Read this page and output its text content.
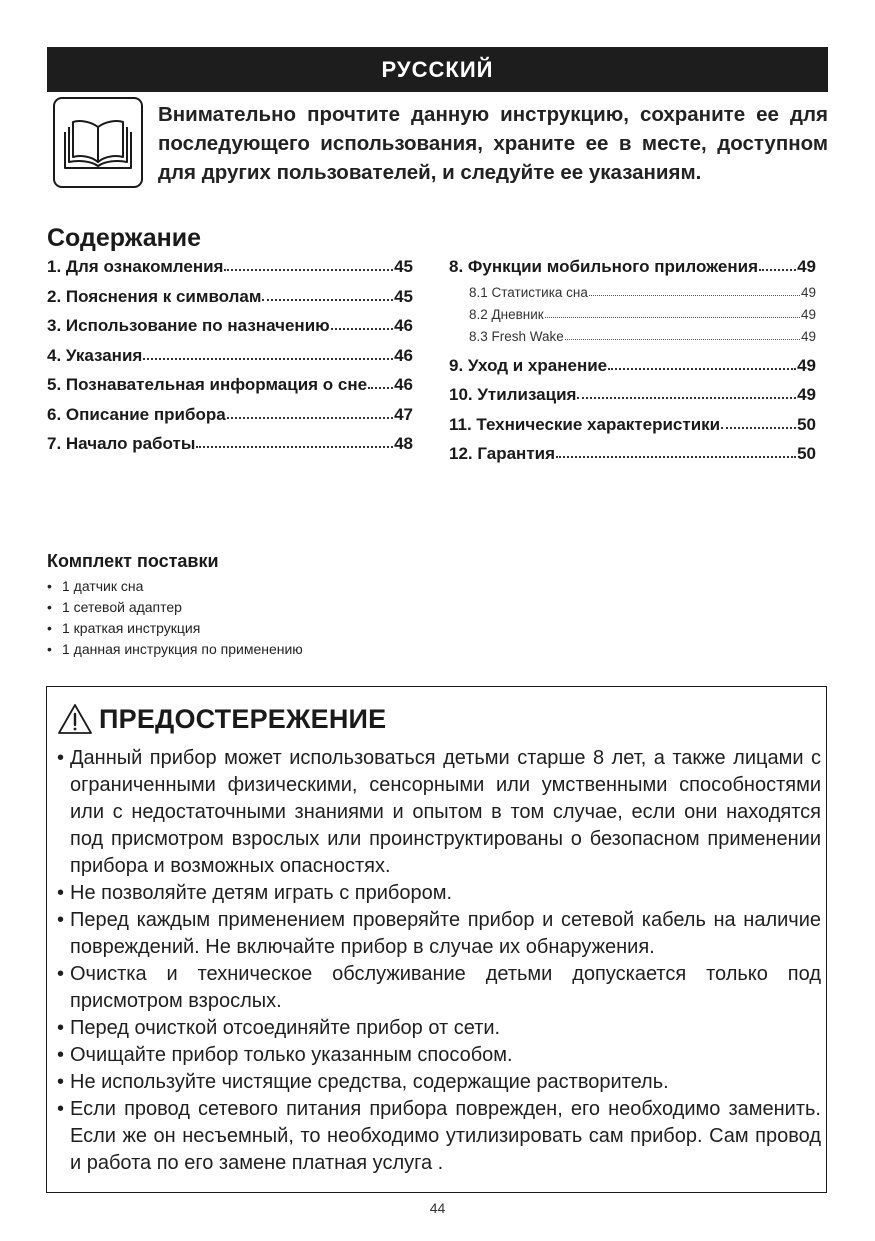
РУССКИЙ

Внимательно прочтите данную инструкцию, сохраните ее для последующего использования, храните ее в месте, доступном для других пользователей, и следуйте ее указаниям.

Содержание
1. Для ознакомления	45
2. Пояснения к символам	45
3. Использование по назначению	46
4. Указания	46
5. Познавательная информация о сне 46
6. Описание прибора	47
7. Начало работы	48
8. Функции мобильного приложения 49
8.1 Статистика сна	49
8.2 Дневник	49
8.3 Fresh Wake	49
9. Уход и хранение	49
10. Утилизация	49
11. Технические характеристики	50
12. Гарантия	50
Комплект поставки
• 1 датчик сна
• 1 сетевой адаптер
• 1 краткая инструкция
• 1 данная инструкция по применению
ПРЕДОСТЕРЕЖЕНИЕ
• Данный прибор может использоваться детьми старше 8 лет, а также лицами с ограниченными физическими, сенсорными или умственными способностями или с недостаточными знаниями и опытом в том случае, если они находятся под присмотром взрослых или проинструктированы о безопасном применении прибора и возможных опасностях.
• Не позволяйте детям играть с прибором.
• Перед каждым применением проверяйте прибор и сетевой кабель на наличие повреждений. Не включайте прибор в случае их обнаружения.
• Очистка и техническое обслуживание детьми допускается только под присмотром взрослых.
• Перед очисткой отсоединяйте прибор от сети.
• Очищайте прибор только указанным способом.
• Не используйте чистящие средства, содержащие растворитель.
• Если провод сетевого питания прибора поврежден, его необходимо заменить. Если же он несъемный, то необходимо утилизировать сам прибор. Сам провод и работа по его замене платная услуга .
44
